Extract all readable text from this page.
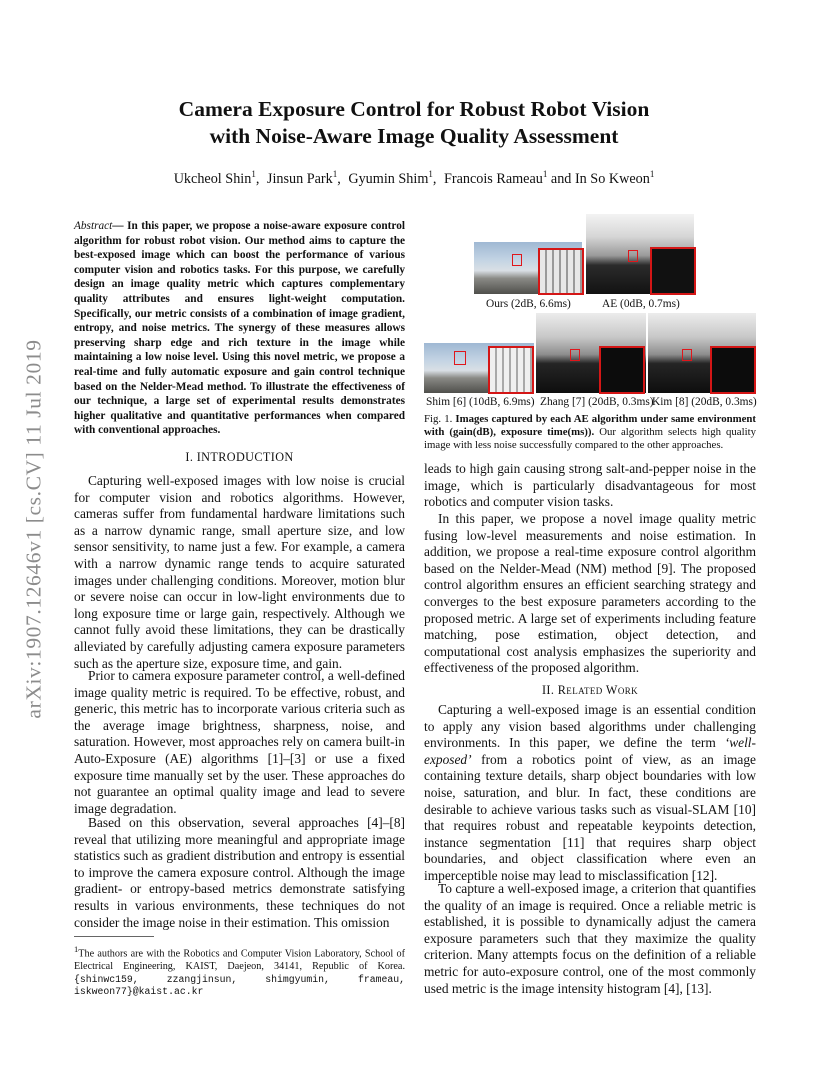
arXiv:1907.12646v1 [cs.CV] 11 Jul 2019
Camera Exposure Control for Robust Robot Vision
with Noise-Aware Image Quality Assessment
Ukcheol Shin$^1$, Jinsun Park$^1$, Gyumin Shim$^1$, Francois Rameau$^1$ and In So Kweon$^1$
Abstract— In this paper, we propose a noise-aware exposure control algorithm for robust robot vision. Our method aims to capture the best-exposed image which can boost the performance of various computer vision and robotics tasks. For this purpose, we carefully design an image quality metric which captures complementary quality attributes and ensures light-weight computation. Specifically, our metric consists of a combination of image gradient, entropy, and noise metrics. The synergy of these measures allows preserving sharp edge and rich texture in the image while maintaining a low noise level. Using this novel metric, we propose a real-time and fully automatic exposure and gain control technique based on the Nelder-Mead method. To illustrate the effectiveness of our technique, a large set of experimental results demonstrates higher qualitative and quantitative performances when compared with conventional approaches.
I. INTRODUCTION

Capturing well-exposed images with low noise is crucial for computer vision and robotics algorithms. However, cameras suffer from fundamental hardware limitations such as a narrow dynamic range, small aperture size, and low sensor sensitivity, to name just a few. For example, a camera with a narrow dynamic range tends to acquire saturated images under challenging conditions. Moreover, motion blur or severe noise can occur in low-light environments due to long exposure time or large gain, respectively. Although we cannot fully avoid these limitations, they can be drastically alleviated by carefully adjusting camera exposure parameters such as the aperture size, exposure time, and gain.

Prior to camera exposure parameter control, a well-defined image quality metric is required. To be effective, robust, and generic, this metric has to incorporate various criteria such as the average image brightness, sharpness, noise, and saturation. However, most approaches rely on camera built-in Auto-Exposure (AE) algorithms [1]–[3] or use a fixed exposure time manually set by the user. These approaches do not guarantee an optimal quality image and lead to severe image degradation.

Based on this observation, several approaches [4]–[8] reveal that utilizing more meaningful and appropriate image statistics such as gradient distribution and entropy is essential to improve the camera exposure control. Although the image gradient- or entropy-based metrics demonstrate satisfying results in various environments, these techniques do not consider the image noise in their estimation. This omission

$^1$The authors are with the Robotics and Computer Vision Laboratory, School of Electrical Engineering, KAIST, Daejeon, 34141, Republic of Korea. {shinwc159, zzangjinsun, shimgyumin, frameau, iskweon77}@kaist.ac.kr
Ours (2dB, 6.6ms)	AE (0dB, 0.7ms)
Shim [6] (10dB, 6.9ms) Zhang [7] (20dB, 0.3ms)
Kim [8] (20dB, 0.3ms)
Fig. 1. Images captured by each AE algorithm under same environment with (gain(dB), exposure time(ms)). Our algorithm selects high quality image with less noise successfully compared to the other approaches.

leads to high gain causing strong salt-and-pepper noise in the image, which is particularly disadvantageous for most robotics and computer vision tasks.

In this paper, we propose a novel image quality metric fusing low-level measurements and noise estimation. In addition, we propose a real-time exposure control algorithm based on the Nelder-Mead (NM) method [9]. The proposed control algorithm ensures an efficient searching strategy and converges to the best exposure parameters according to the proposed metric. A large set of experiments including feature matching, pose estimation, object detection, and computational cost analysis emphasizes the superiority and effectiveness of the proposed algorithm.

II. Related Work

Capturing a well-exposed image is an essential condition to apply any vision based algorithms under challenging environments. In this paper, we define the term ‘well-exposed’ from a robotics point of view, as an image containing texture details, sharp object boundaries with low noise, saturation, and blur. In fact, these conditions are desirable to achieve various tasks such as visual-SLAM [10] that requires robust and repeatable keypoints detection, instance segmentation [11] that requires sharp object boundaries, and object classification where even an imperceptible noise may lead to misclassification [12].

To capture a well-exposed image, a criterion that quantifies the quality of an image is required. Once a reliable metric is established, it is possible to dynamically adjust the camera exposure parameters such that they maximize the quality criterion. Many attempts focus on the definition of a reliable metric for auto-exposure control, one of the most commonly used metric is the image intensity histogram [4], [13].
